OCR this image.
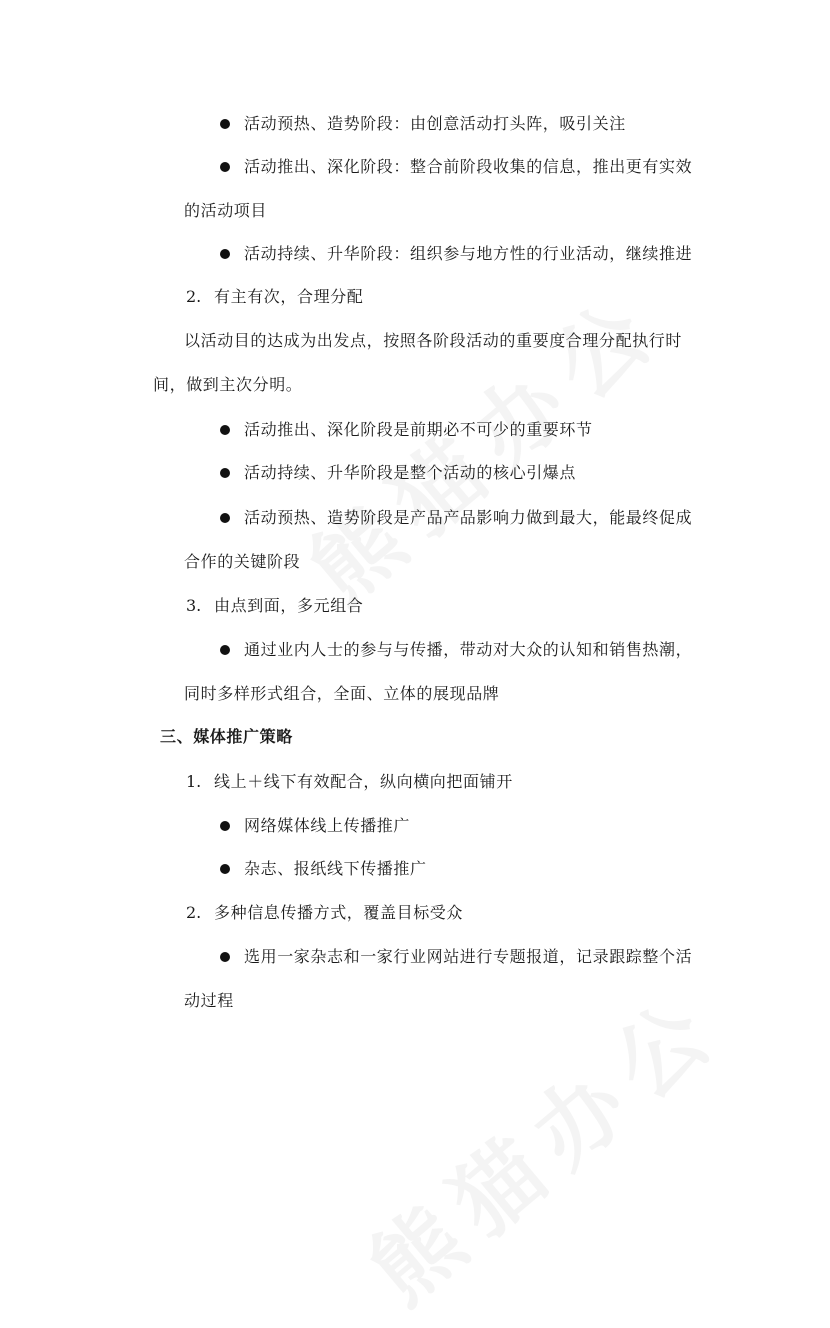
活动预热、造势阶段：由创意活动打头阵，吸引关注
活动推出、深化阶段：整合前阶段收集的信息，推出更有实效
的活动项目
活动持续、升华阶段：组织参与地方性的行业活动，继续推进
2. 有主有次，合理分配
以活动目的达成为出发点，按照各阶段活动的重要度合理分配执行时
间，做到主次分明。
活动推出、深化阶段是前期必不可少的重要环节
活动持续、升华阶段是整个活动的核心引爆点
活动预热、造势阶段是产品产品影响力做到最大，能最终促成
合作的关键阶段
3. 由点到面，多元组合
通过业内人士的参与与传播，带动对大众的认知和销售热潮，
同时多样形式组合，全面、立体的展现品牌
三、媒体推广策略
1. 线上＋线下有效配合，纵向横向把面铺开
网络媒体线上传播推广
杂志、报纸线下传播推广
2. 多种信息传播方式，覆盖目标受众
选用一家杂志和一家行业网站进行专题报道，记录跟踪整个活
动过程
